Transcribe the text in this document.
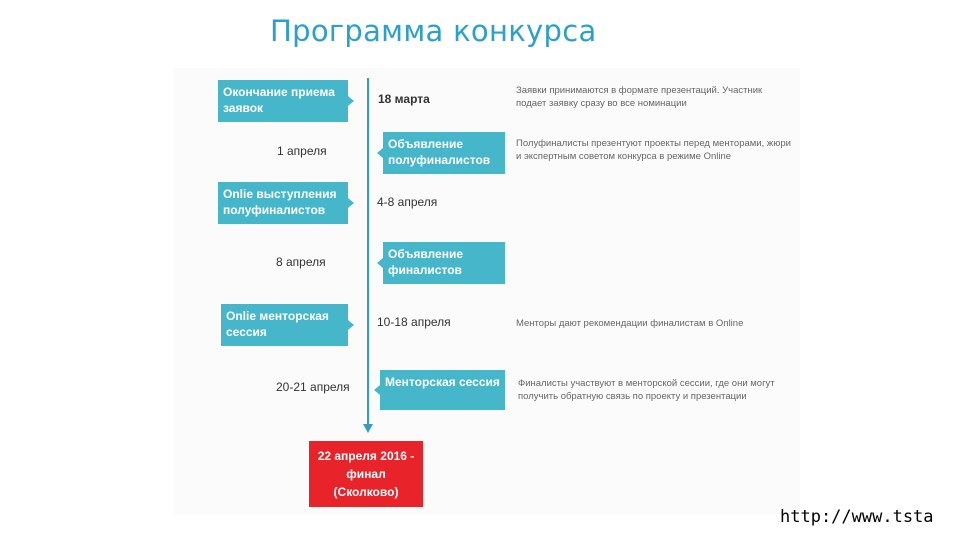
Программа конкурса
Окончание приема заявок
18 марта
Заявки принимаются в формате презентаций. Участник подает заявку сразу во все номинации
1 апреля	Объявление полуфиналистов
Полуфиналисты презентуют проекты перед менторами, жюри и экспертным советом конкурса в режиме Online
Onlie выступления полуфиналистов
4-8 апреля
8 апреля
Объявление финалистов
Onlie менторская сессия
10-18 апреля	Менторы дают рекомендации финалистам в Online
20-21 апреля	Менторская сессия	Финалисты участвуют в менторской сессии, где они могут получить обратную связь по проекту и презентации
22 апреля 2016 -
финал
(Сколково)
http://www.tsta
